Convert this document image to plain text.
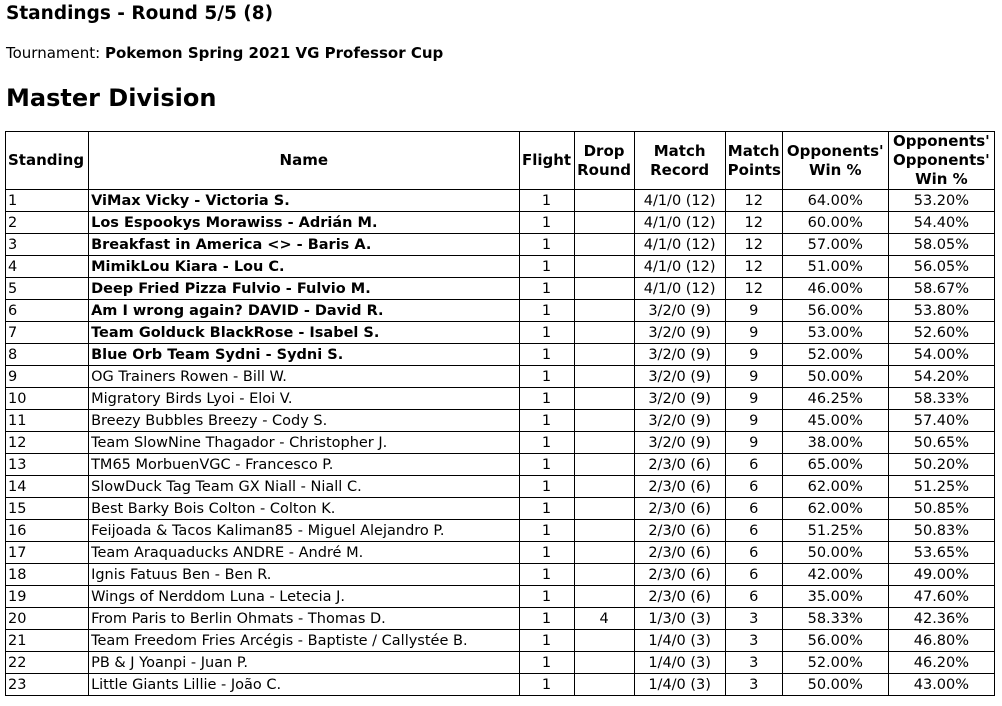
Standings - Round 5/5 (8)
Tournament: Pokemon Spring 2021 VG Professor Cup
Master Division
Standing	Name	Flight	Drop Round	Match Record	Match Points	Opponents' Win %	Opponents' Opponents' Win %
1	ViMax Vicky - Victoria S.	1		4/1/0 (12)	12	64.00%	53.20%
2	Los Espookys Morawiss - Adrián M.	1		4/1/0 (12)	12	60.00%	54.40%
3	Breakfast in America <> - Baris A.	1		4/1/0 (12)	12	57.00%	58.05%
4	MimikLou Kiara - Lou C.	1		4/1/0 (12)	12	51.00%	56.05%
5	Deep Fried Pizza Fulvio - Fulvio M.	1		4/1/0 (12)	12	46.00%	58.67%
6	Am I wrong again? DAVID - David R.	1		3/2/0 (9)	9	56.00%	53.80%
7	Team Golduck BlackRose - Isabel S.	1		3/2/0 (9)	9	53.00%	52.60%
8	Blue Orb Team Sydni - Sydni S.	1		3/2/0 (9)	9	52.00%	54.00%
9	OG Trainers Rowen - Bill W.	1		3/2/0 (9)	9	50.00%	54.20%
10	Migratory Birds Lyoi - Eloi V.	1		3/2/0 (9)	9	46.25%	58.33%
11	Breezy Bubbles Breezy - Cody S.	1		3/2/0 (9)	9	45.00%	57.40%
12	Team SlowNine Thagador - Christopher J.	1		3/2/0 (9)	9	38.00%	50.65%
13	TM65 MorbuenVGC - Francesco P.	1		2/3/0 (6)	6	65.00%	50.20%
14	SlowDuck Tag Team GX Niall - Niall C.	1		2/3/0 (6)	6	62.00%	51.25%
15	Best Barky Bois Colton - Colton K.	1		2/3/0 (6)	6	62.00%	50.85%
16	Feijoada & Tacos Kaliman85 - Miguel Alejandro P.	1		2/3/0 (6)	6	51.25%	50.83%
17	Team Araquaducks ANDRE - André M.	1		2/3/0 (6)	6	50.00%	53.65%
18	Ignis Fatuus Ben - Ben R.	1		2/3/0 (6)	6	42.00%	49.00%
19	Wings of Nerddom Luna - Letecia J.	1		2/3/0 (6)	6	35.00%	47.60%
20	From Paris to Berlin Ohmats - Thomas D.	1	4	1/3/0 (3)	3	58.33%	42.36%
21	Team Freedom Fries Arcégis - Baptiste / Callystée B.	1		1/4/0 (3)	3	56.00%	46.80%
22	PB & J Yoanpi - Juan P.	1		1/4/0 (3)	3	52.00%	46.20%
23	Little Giants Lillie - João C.	1		1/4/0 (3)	3	50.00%	43.00%
